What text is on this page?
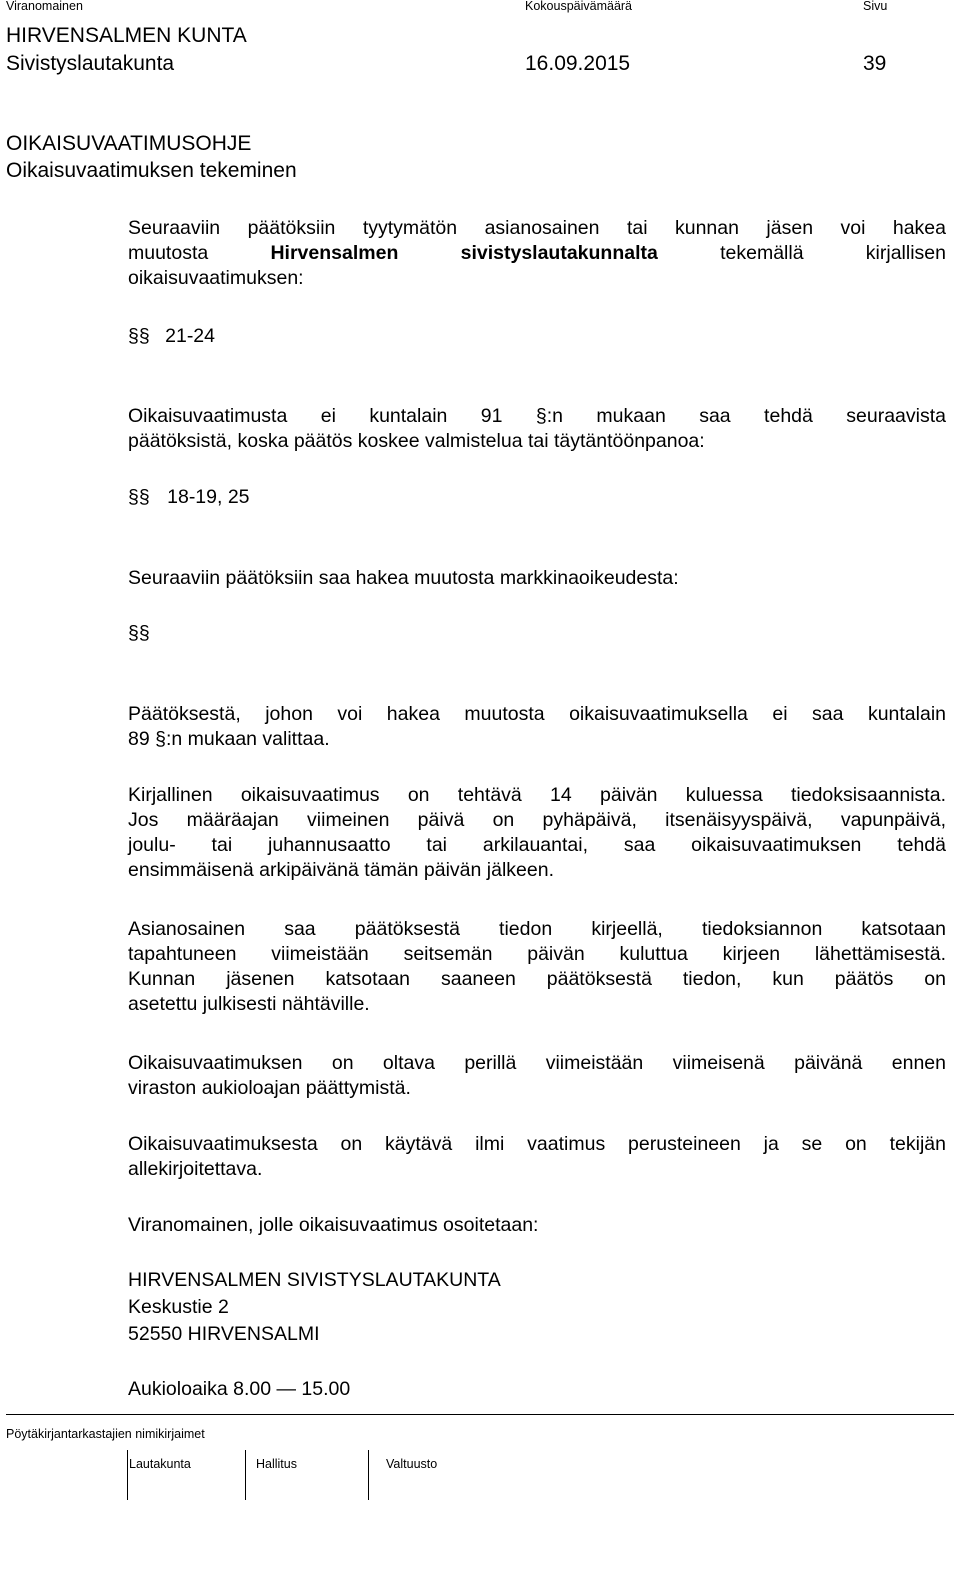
Viranomainen	Kokouspäivämäärä	Sivu
HIRVENSALMEN KUNTA
Sivistyslautakunta	16.09.2015	39
OIKAISUVAATIMUSOHJE
Oikaisuvaatimuksen tekeminen
Seuraaviin päätöksiin tyytymätön asianosainen tai kunnan jäsen voi hakea
muutosta Hirvensalmen sivistyslautakunnalta tekemällä kirjallisen
oikaisuvaatimuksen:
§§ 21-24
Oikaisuvaatimusta ei kuntalain 91 §:n mukaan saa tehdä seuraavista
päätöksistä, koska päätös koskee valmistelua tai täytäntöönpanoa:
§§ 18-19, 25
Seuraaviin päätöksiin saa hakea muutosta markkinaoikeudesta:
§§
Päätöksestä, johon voi hakea muutosta oikaisuvaatimuksella ei saa kuntalain
89 §:n mukaan valittaa.
Kirjallinen oikaisuvaatimus on tehtävä 14 päivän kuluessa tiedoksisaannista.
Jos määräajan viimeinen päivä on pyhäpäivä, itsenäisyyspäivä, vapunpäivä,
joulu- tai juhannusaatto tai arkilauantai, saa oikaisuvaatimuksen tehdä
ensimmäisenä arkipäivänä tämän päivän jälkeen.
Asianosainen saa päätöksestä tiedon kirjeellä, tiedoksiannon katsotaan
tapahtuneen viimeistään seitsemän päivän kuluttua kirjeen lähettämisestä.
Kunnan jäsenen katsotaan saaneen päätöksestä tiedon, kun päätös on
asetettu julkisesti nähtäville.
Oikaisuvaatimuksen on oltava perillä viimeistään viimeisenä päivänä ennen
viraston aukioloajan päättymistä.
Oikaisuvaatimuksesta on käytävä ilmi vaatimus perusteineen ja se on tekijän
allekirjoitettava.
Viranomainen, jolle oikaisuvaatimus osoitetaan:
HIRVENSALMEN SIVISTYSLAUTAKUNTA
Keskustie 2
52550 HIRVENSALMI
Aukioloaika 8.00 — 15.00
Pöytäkirjantarkastajien nimikirjaimet
Lautakunta	Hallitus	Valtuusto
